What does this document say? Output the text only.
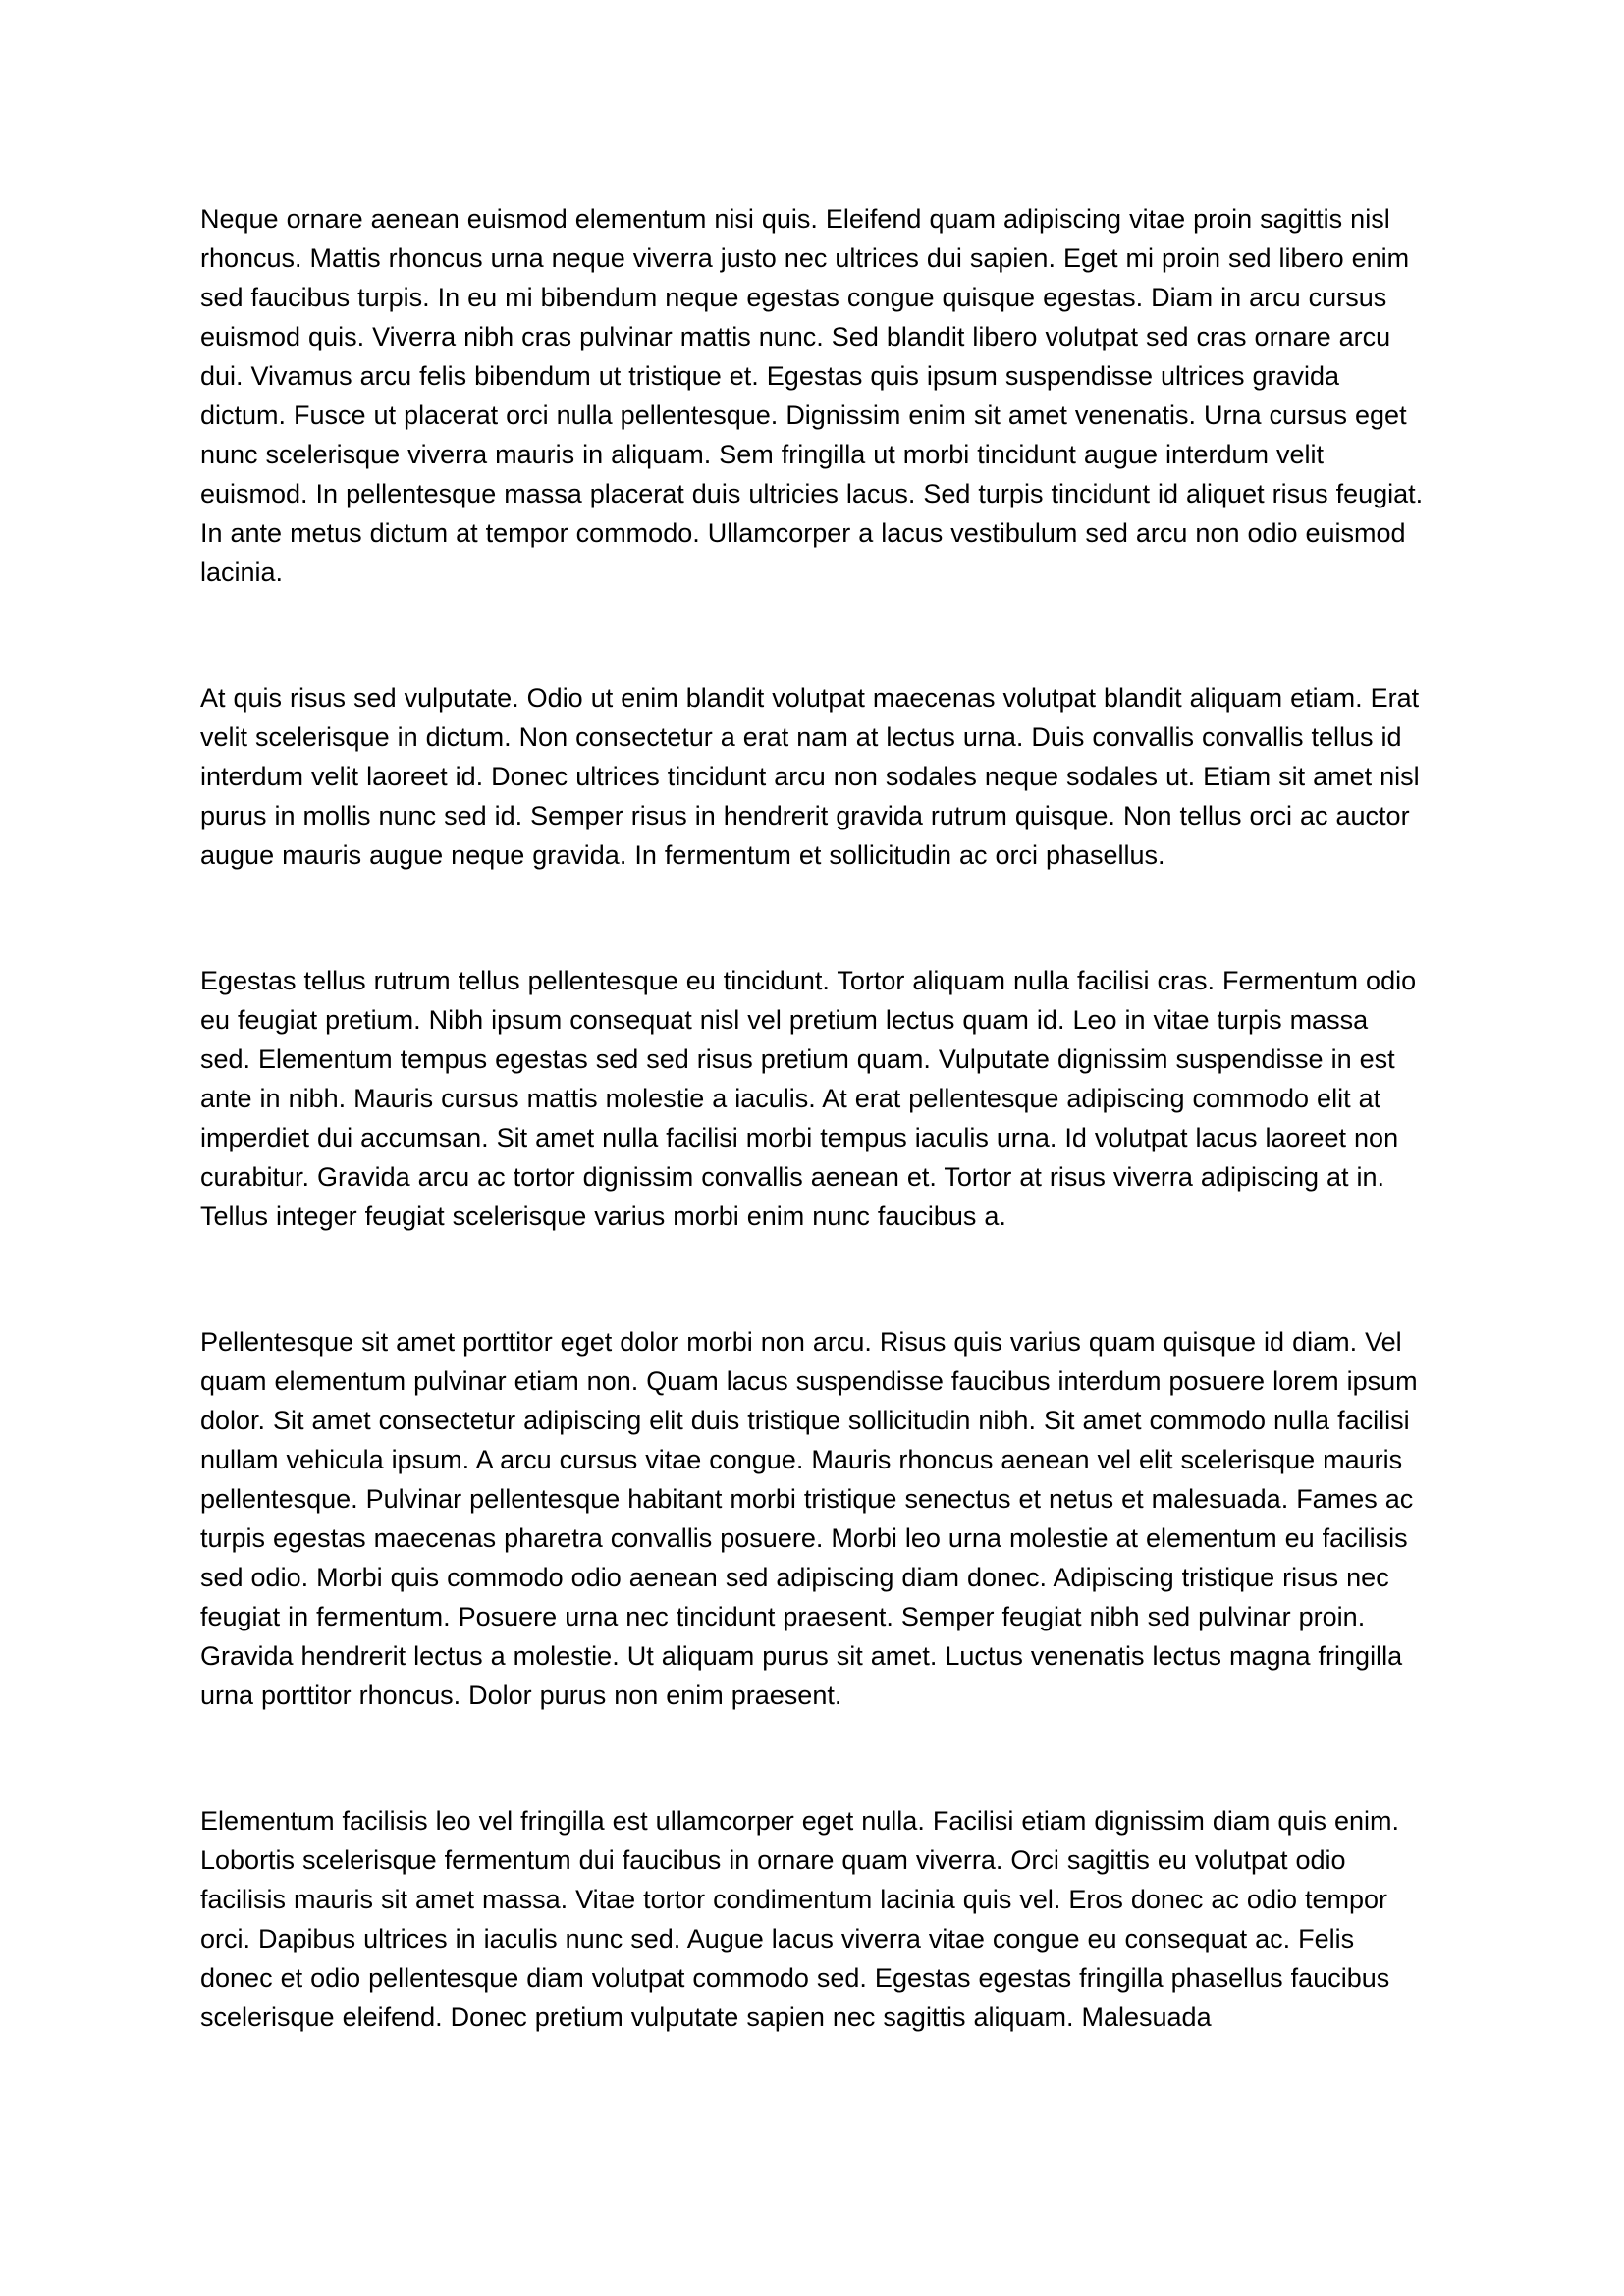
Neque ornare aenean euismod elementum nisi quis. Eleifend quam adipiscing vitae proin sagittis nisl rhoncus. Mattis rhoncus urna neque viverra justo nec ultrices dui sapien. Eget mi proin sed libero enim sed faucibus turpis. In eu mi bibendum neque egestas congue quisque egestas. Diam in arcu cursus euismod quis. Viverra nibh cras pulvinar mattis nunc. Sed blandit libero volutpat sed cras ornare arcu dui. Vivamus arcu felis bibendum ut tristique et. Egestas quis ipsum suspendisse ultrices gravida dictum. Fusce ut placerat orci nulla pellentesque. Dignissim enim sit amet venenatis. Urna cursus eget nunc scelerisque viverra mauris in aliquam. Sem fringilla ut morbi tincidunt augue interdum velit euismod. In pellentesque massa placerat duis ultricies lacus. Sed turpis tincidunt id aliquet risus feugiat. In ante metus dictum at tempor commodo. Ullamcorper a lacus vestibulum sed arcu non odio euismod lacinia.

At quis risus sed vulputate. Odio ut enim blandit volutpat maecenas volutpat blandit aliquam etiam. Erat velit scelerisque in dictum. Non consectetur a erat nam at lectus urna. Duis convallis convallis tellus id interdum velit laoreet id. Donec ultrices tincidunt arcu non sodales neque sodales ut. Etiam sit amet nisl purus in mollis nunc sed id. Semper risus in hendrerit gravida rutrum quisque. Non tellus orci ac auctor augue mauris augue neque gravida. In fermentum et sollicitudin ac orci phasellus.

Egestas tellus rutrum tellus pellentesque eu tincidunt. Tortor aliquam nulla facilisi cras. Fermentum odio eu feugiat pretium. Nibh ipsum consequat nisl vel pretium lectus quam id. Leo in vitae turpis massa sed. Elementum tempus egestas sed sed risus pretium quam. Vulputate dignissim suspendisse in est ante in nibh. Mauris cursus mattis molestie a iaculis. At erat pellentesque adipiscing commodo elit at imperdiet dui accumsan. Sit amet nulla facilisi morbi tempus iaculis urna. Id volutpat lacus laoreet non curabitur. Gravida arcu ac tortor dignissim convallis aenean et. Tortor at risus viverra adipiscing at in. Tellus integer feugiat scelerisque varius morbi enim nunc faucibus a.

Pellentesque sit amet porttitor eget dolor morbi non arcu. Risus quis varius quam quisque id diam. Vel quam elementum pulvinar etiam non. Quam lacus suspendisse faucibus interdum posuere lorem ipsum dolor. Sit amet consectetur adipiscing elit duis tristique sollicitudin nibh. Sit amet commodo nulla facilisi nullam vehicula ipsum. A arcu cursus vitae congue. Mauris rhoncus aenean vel elit scelerisque mauris pellentesque. Pulvinar pellentesque habitant morbi tristique senectus et netus et malesuada. Fames ac turpis egestas maecenas pharetra convallis posuere. Morbi leo urna molestie at elementum eu facilisis sed odio. Morbi quis commodo odio aenean sed adipiscing diam donec. Adipiscing tristique risus nec feugiat in fermentum. Posuere urna nec tincidunt praesent. Semper feugiat nibh sed pulvinar proin. Gravida hendrerit lectus a molestie. Ut aliquam purus sit amet. Luctus venenatis lectus magna fringilla urna porttitor rhoncus. Dolor purus non enim praesent.

Elementum facilisis leo vel fringilla est ullamcorper eget nulla. Facilisi etiam dignissim diam quis enim. Lobortis scelerisque fermentum dui faucibus in ornare quam viverra. Orci sagittis eu volutpat odio facilisis mauris sit amet massa. Vitae tortor condimentum lacinia quis vel. Eros donec ac odio tempor orci. Dapibus ultrices in iaculis nunc sed. Augue lacus viverra vitae congue eu consequat ac. Felis donec et odio pellentesque diam volutpat commodo sed. Egestas egestas fringilla phasellus faucibus scelerisque eleifend. Donec pretium vulputate sapien nec sagittis aliquam. Malesuada
